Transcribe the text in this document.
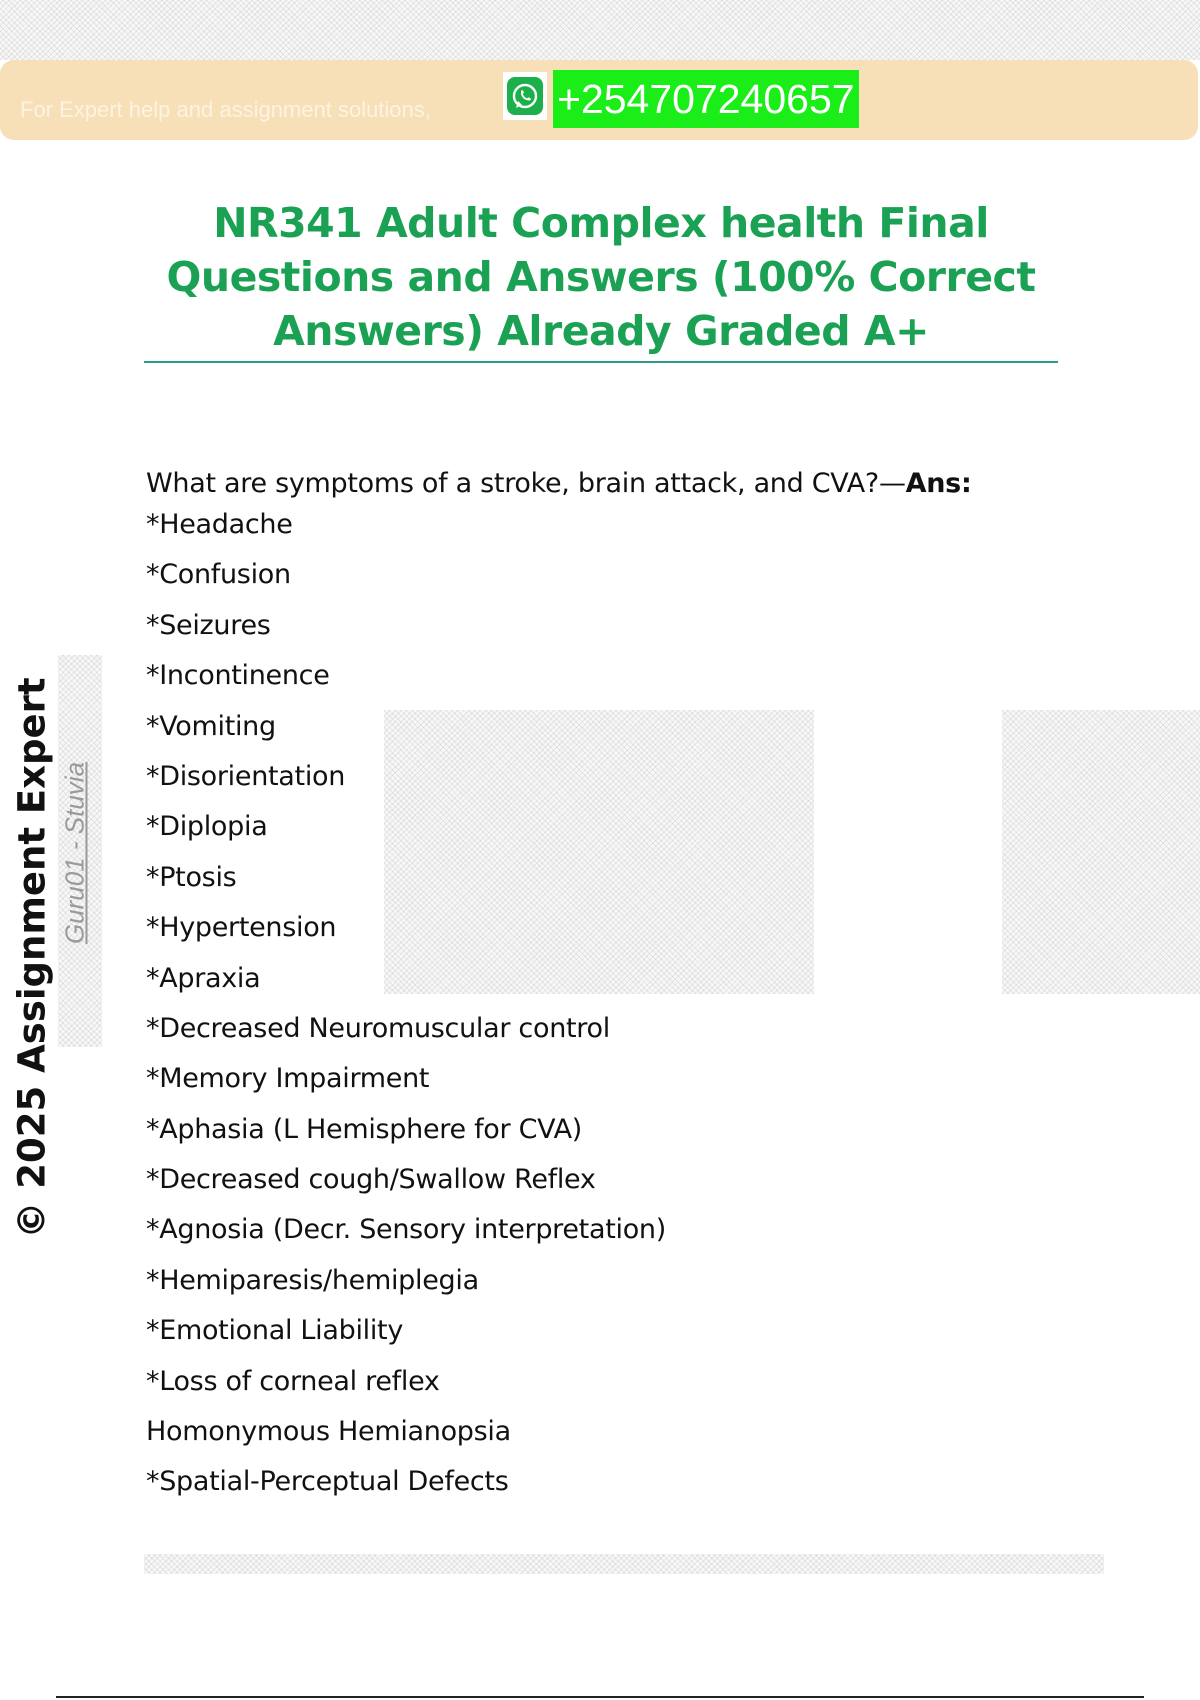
For Expert help and assignment solutions,	+254707240657
NR341 Adult Complex health Final Questions and Answers (100% Correct Answers) Already Graded A+
What are symptoms of a stroke, brain attack, and CVA?—Ans:
*Headache
*Confusion
*Seizures
*Incontinence
*Vomiting
*Disorientation
*Diplopia
*Ptosis
*Hypertension
*Apraxia
*Decreased Neuromuscular control
*Memory Impairment
*Aphasia (L Hemisphere for CVA)
*Decreased cough/Swallow Reflex
*Agnosia (Decr. Sensory interpretation)
*Hemiparesis/hemiplegia
*Emotional Liability
*Loss of corneal reflex
Homonymous Hemianopsia
*Spatial-Perceptual Defects
© 2025 Assignment Expert Guru01 - Stuvia
